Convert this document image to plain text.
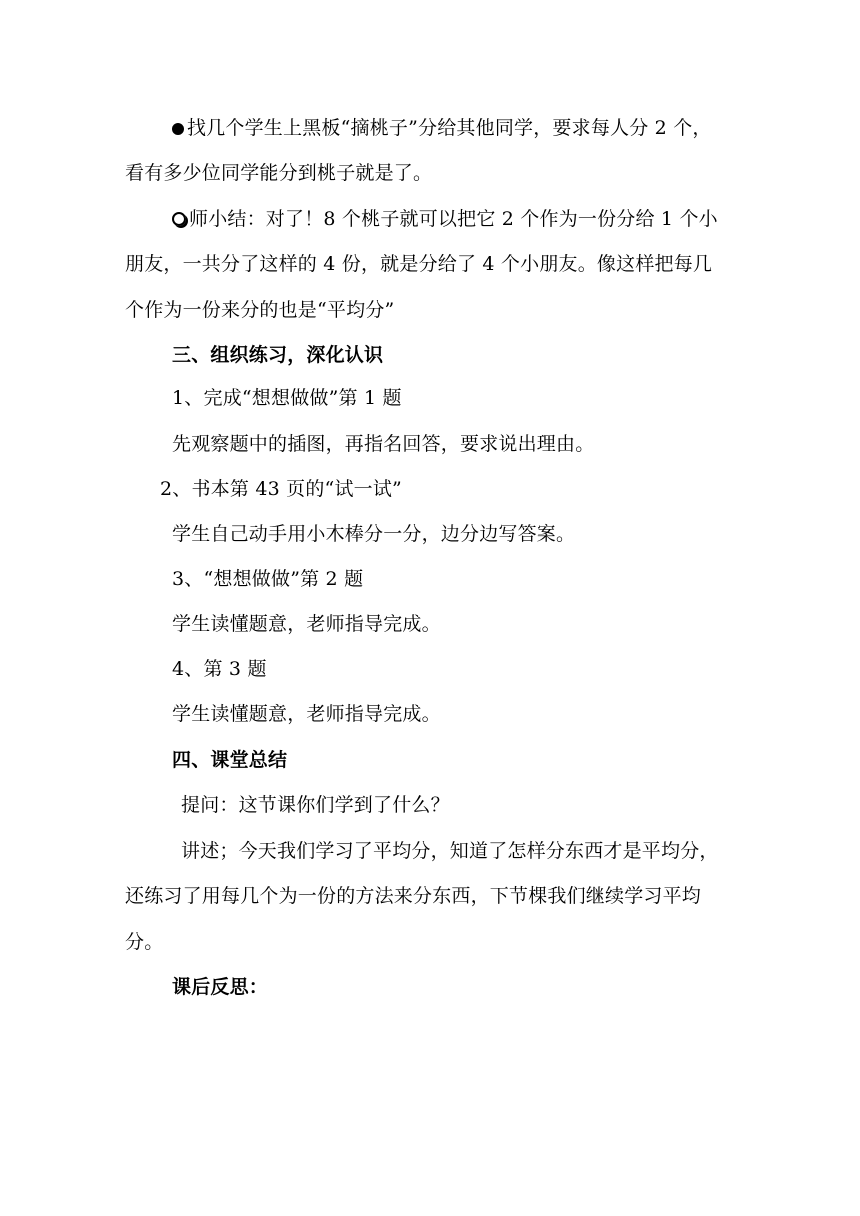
找几个学生上黑板“摘桃子”分给其他同学，要求每人分 2 个，
看有多少位同学能分到桃子就是了。
师小结：对了！8 个桃子就可以把它 2 个作为一份分给 1 个小
朋友，一共分了这样的 4 份，就是分给了 4 个小朋友。像这样把每几
个作为一份来分的也是“平均分”
三、组织练习，深化认识
1、完成“想想做做”第 1 题
先观察题中的插图，再指名回答，要求说出理由。
2、书本第 43 页的“试一试”
学生自己动手用小木棒分一分，边分边写答案。
3、“想想做做”第 2 题
学生读懂题意，老师指导完成。
4、第 3 题
学生读懂题意，老师指导完成。
四、课堂总结
提问：这节课你们学到了什么？
讲述；今天我们学习了平均分，知道了怎样分东西才是平均分，
还练习了用每几个为一份的方法来分东西，下节棵我们继续学习平均
分。
课后反思：
